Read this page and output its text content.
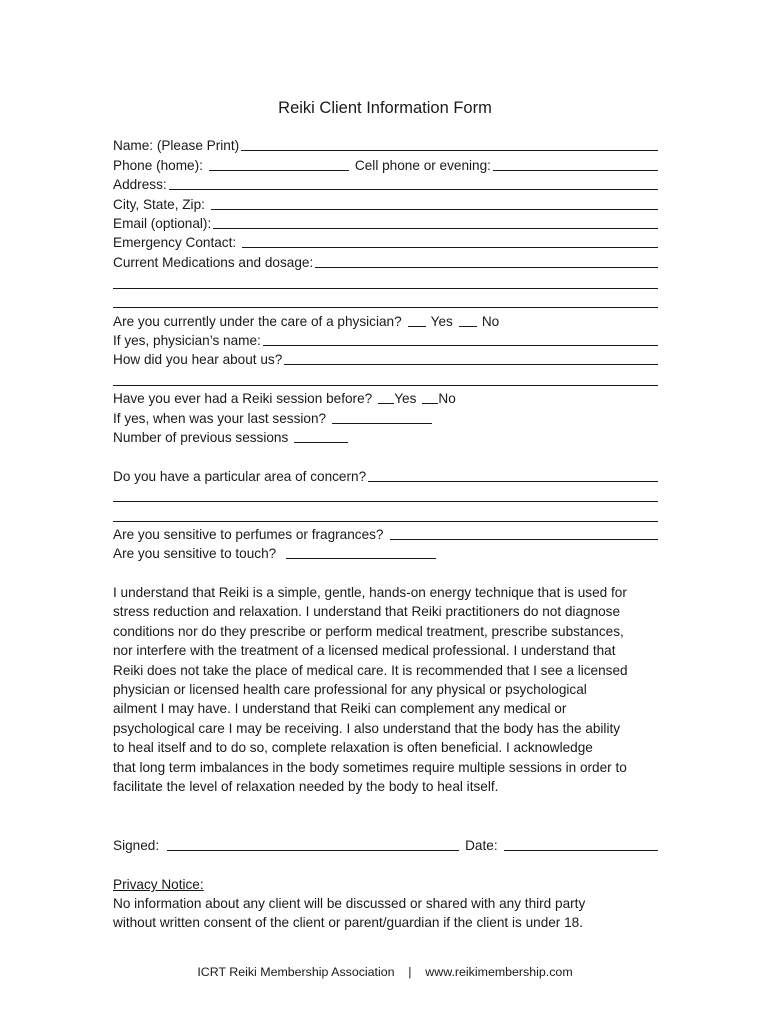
Reiki Client Information Form
Name: (Please Print)
Phone (home):	Cell phone or evening:
Address:
City, State, Zip:
Email (optional):
Emergency Contact:
Current Medications and dosage:
Are you currently under the care of a physician? Yes No
If yes, physician’s name:
How did you hear about us?
Have you ever had a Reiki session before? Yes No
If yes, when was your last session?
Number of previous sessions
Do you have a particular area of concern?
Are you sensitive to perfumes or fragrances?
Are you sensitive to touch?

I understand that Reiki is a simple, gentle, hands-on energy technique that is used for
stress reduction and relaxation. I understand that Reiki practitioners do not diagnose
conditions nor do they prescribe or perform medical treatment, prescribe substances,
nor interfere with the treatment of a licensed medical professional. I understand that
Reiki does not take the place of medical care. It is recommended that I see a licensed
physician or licensed health care professional for any physical or psychological
ailment I may have. I understand that Reiki can complement any medical or
psychological care I may be receiving. I also understand that the body has the ability
to heal itself and to do so, complete relaxation is often beneficial. I acknowledge
that long term imbalances in the body sometimes require multiple sessions in order to
facilitate the level of relaxation needed by the body to heal itself.

Signed:	Date:
Privacy Notice:

No information about any client will be discussed or shared with any third party
without written consent of the client or parent/guardian if the client is under 18.

ICRT Reiki Membership Association    |    www.reikimembership.com
